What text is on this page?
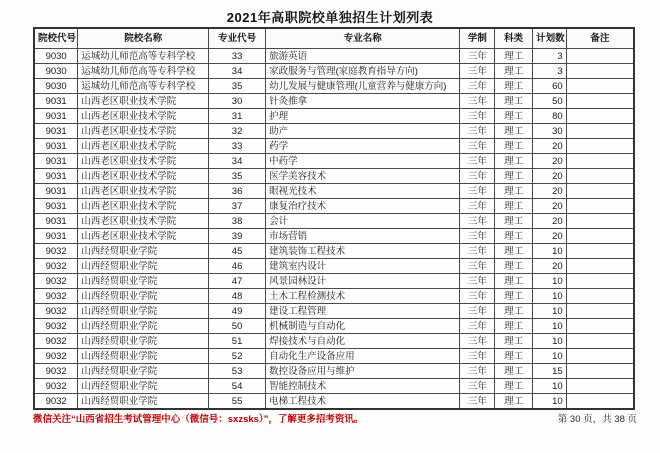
2021年高职院校单独招生计划列表
院校代号	院校名称	专业代号	专业名称	学制	科类	计划数	备注
9030	运城幼儿师范高等专科学校	33	旅游英语	三年	理工	3	
9030	运城幼儿师范高等专科学校	34	家政服务与管理(家庭教育指导方向)	三年	理工	3	
9030	运城幼儿师范高等专科学校	35	幼儿发展与健康管理(儿童营养与健康方向)	三年	理工	60	
9031	山西老区职业技术学院	30	针灸推拿	三年	理工	50	
9031	山西老区职业技术学院	31	护理	三年	理工	80	
9031	山西老区职业技术学院	32	助产	三年	理工	30	
9031	山西老区职业技术学院	33	药学	三年	理工	20	
9031	山西老区职业技术学院	34	中药学	三年	理工	20	
9031	山西老区职业技术学院	35	医学美容技术	三年	理工	20	
9031	山西老区职业技术学院	36	眼视光技术	三年	理工	20	
9031	山西老区职业技术学院	37	康复治疗技术	三年	理工	20	
9031	山西老区职业技术学院	38	会计	三年	理工	20	
9031	山西老区职业技术学院	39	市场营销	三年	理工	20	
9032	山西经贸职业学院	45	建筑装饰工程技术	三年	理工	10	
9032	山西经贸职业学院	46	建筑室内设计	三年	理工	20	
9032	山西经贸职业学院	47	风景园林设计	三年	理工	10	
9032	山西经贸职业学院	48	土木工程检测技术	三年	理工	10	
9032	山西经贸职业学院	49	建设工程管理	三年	理工	10	
9032	山西经贸职业学院	50	机械制造与自动化	三年	理工	10	
9032	山西经贸职业学院	51	焊接技术与自动化	三年	理工	10	
9032	山西经贸职业学院	52	自动化生产设备应用	三年	理工	10	
9032	山西经贸职业学院	53	数控设备应用与维护	三年	理工	15	
9032	山西经贸职业学院	54	智能控制技术	三年	理工	10	
9032	山西经贸职业学院	55	电梯工程技术	三年	理工	10	
微信关注“山西省招生考试管理中心（微信号：sxzsks）”，了解更多招考资讯。	第 30 页，共 38 页
